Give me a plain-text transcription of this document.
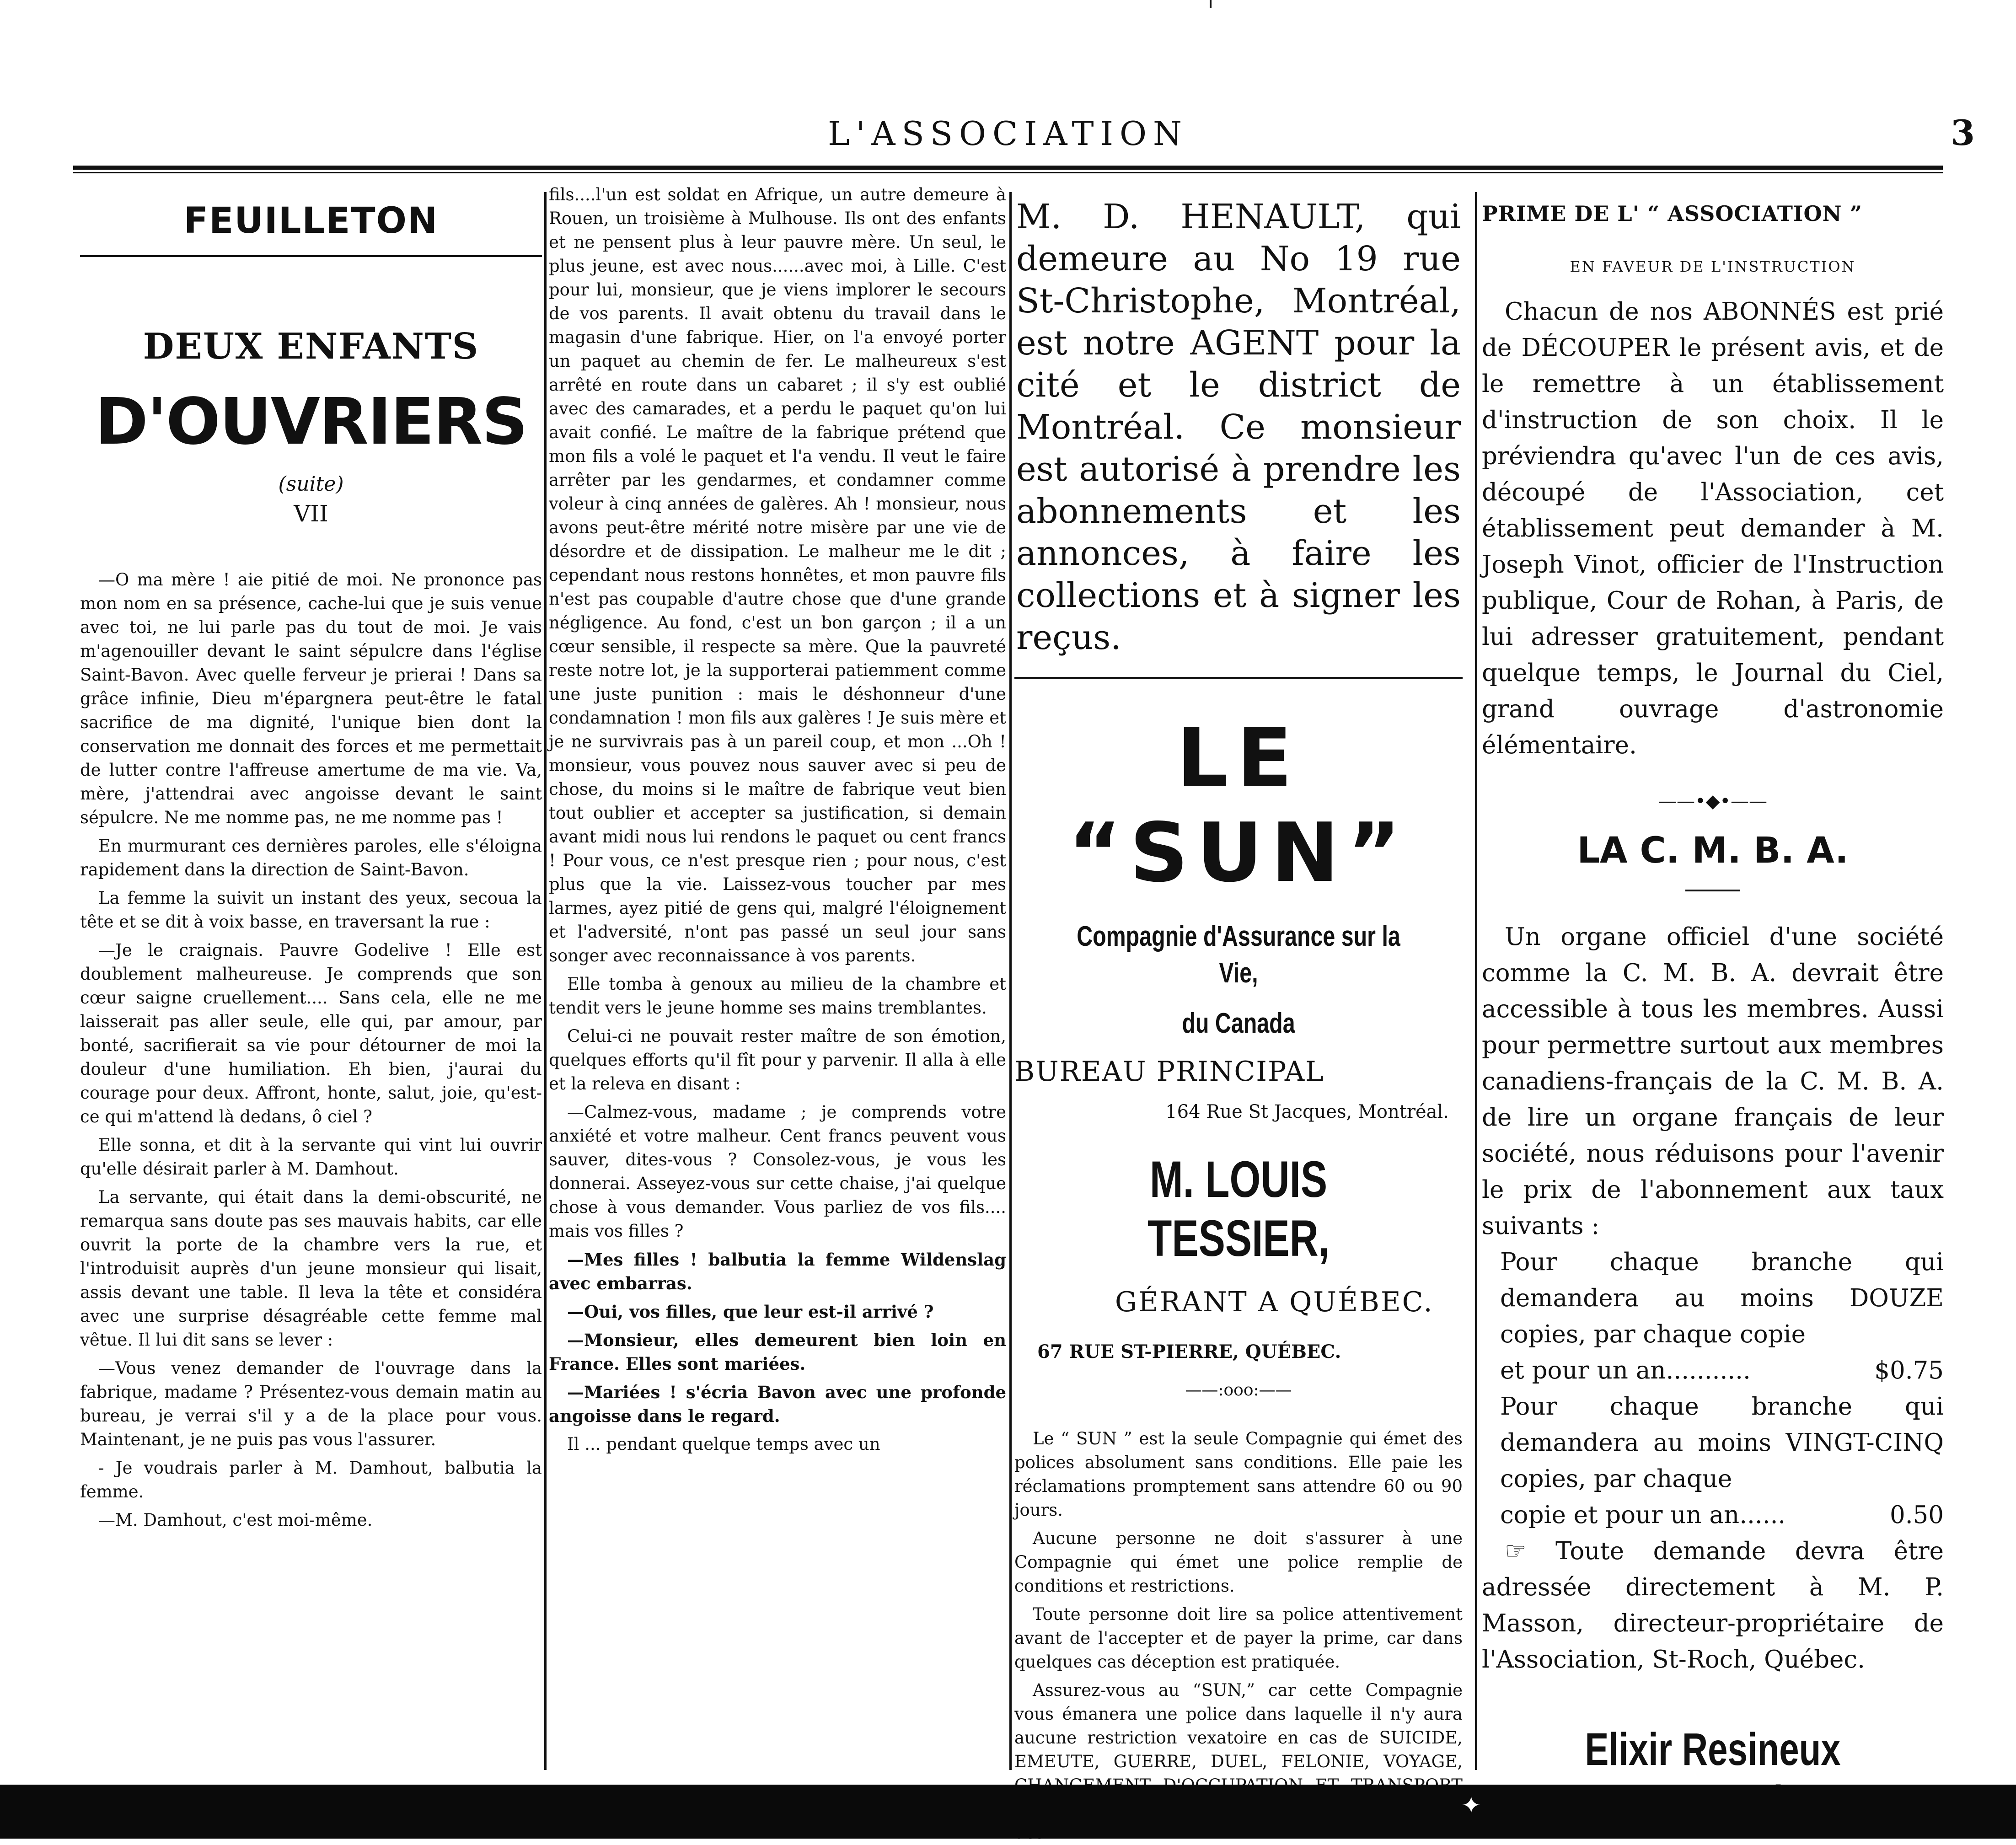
L'ASSOCIATION	3
FEUILLETON
DEUX ENFANTS
D'OUVRIERS
(suite)
VII

—O ma mère ! aie pitié de moi. Ne prononce pas mon nom en sa présence, cache-lui que je suis venue avec toi, ne lui parle pas du tout de moi. Je vais m'agenouiller devant le saint sépulcre dans l'église Saint-Bavon. Avec quelle ferveur je prierai ! Dans sa grâce infinie, Dieu m'épargnera peut-être le fatal sacrifice de ma dignité, l'unique bien dont la conservation me donnait des forces et me permettait de lutter contre l'affreuse amertume de ma vie. Va, mère, j'attendrai avec angoisse devant le saint sépulcre. Ne me nomme pas, ne me nomme pas !

En murmurant ces dernières paroles, elle s'éloigna rapidement dans la direction de Saint-Bavon.

La femme la suivit un instant des yeux, secoua la tête et se dit à voix basse, en traversant la rue :

—Je le craignais. Pauvre Godelive ! Elle est doublement malheureuse. Je comprends que son cœur saigne cruellement.... Sans cela, elle ne me laisserait pas aller seule, elle qui, par amour, par bonté, sacrifierait sa vie pour détourner de moi la douleur d'une humiliation. Eh bien, j'aurai du courage pour deux. Affront, honte, salut, joie, qu'est-ce qui m'attend là dedans, ô ciel ?

Elle sonna, et dit à la servante qui vint lui ouvrir qu'elle désirait parler à M. Damhout.

La servante, qui était dans la demi-obscurité, ne remarqua sans doute pas ses mauvais habits, car elle ouvrit la porte de la chambre vers la rue, et l'introduisit auprès d'un jeune monsieur qui lisait, assis devant une table. Il leva la tête et considéra avec une surprise désagréable cette femme mal vêtue. Il lui dit sans se lever :

—Vous venez demander de l'ouvrage dans la fabrique, madame ? Présentez-vous demain matin au bureau, je verrai s'il y a de la place pour vous. Maintenant, je ne puis pas vous l'assurer.

- Je voudrais parler à M. Damhout, balbutia la femme.

—M. Damhout, c'est moi-même.

fils....l'un est soldat en Afrique, un autre demeure à Rouen, un troisième à Mulhouse. Ils ont des enfants et ne pensent plus à leur pauvre mère. Un seul, le plus jeune, est avec nous......avec moi, à Lille. C'est pour lui, monsieur, que je viens implorer le secours de vos parents. Il avait obtenu du travail dans le magasin d'une fabrique. Hier, on l'a envoyé porter un paquet au chemin de fer. Le malheureux s'est arrêté en route dans un cabaret ; il s'y est oublié avec des camarades, et a perdu le paquet qu'on lui avait confié. Le maître de la fabrique prétend que mon fils a volé le paquet et l'a vendu. Il veut le faire arrêter par les gendarmes, et condamner comme voleur à cinq années de galères. Ah ! monsieur, nous avons peut-être mérité notre misère par une vie de désordre et de dissipation. Le malheur me le dit ; cependant nous restons honnêtes, et mon pauvre fils n'est pas coupable d'autre chose que d'une grande négligence. Au fond, c'est un bon garçon ; il a un cœur sensible, il respecte sa mère. Que la pauvreté reste notre lot, je la supporterai patiemment comme une juste punition : mais le déshonneur d'une condamnation ! mon fils aux galères ! Je suis mère et je ne survivrais pas à un pareil coup, et mon ...Oh ! monsieur, vous pouvez nous sauver avec si peu de chose, du moins si le maître de fabrique veut bien tout oublier et accepter sa justification, si demain avant midi nous lui rendons le paquet ou cent francs ! Pour vous, ce n'est presque rien ; pour nous, c'est plus que la vie. Laissez-vous toucher par mes larmes, ayez pitié de gens qui, malgré l'éloignement et l'adversité, n'ont pas passé un seul jour sans songer avec reconnaissance à vos parents.

Elle tomba à genoux au milieu de la chambre et tendit vers le jeune homme ses mains tremblantes.

Celui-ci ne pouvait rester maître de son émotion, quelques efforts qu'il fît pour y parvenir. Il alla à elle et la releva en disant :

—Calmez-vous, madame ; je comprends votre anxiété et votre malheur. Cent francs peuvent vous sauver, dites-vous ? Consolez-vous, je vous les donnerai. Asseyez-vous sur cette chaise, j'ai quelque chose à vous demander. Vous parliez de vos fils.... mais vos filles ?

—Mes filles ! balbutia la femme Wildenslag avec embarras.

—Oui, vos filles, que leur est-il arrivé ?

—Monsieur, elles demeurent bien loin en France. Elles sont mariées.

—Mariées ! s'écria Bavon avec une profonde angoisse dans le regard.

Il ... pendant quelque temps avec un

M. D. HENAULT, qui demeure au No 19 rue St-Christophe, Montréal, est notre AGENT pour la cité et le district de Montréal. Ce monsieur est autorisé à prendre les abonnements et les annonces, à faire les collections et à signer les reçus.
LE “SUN”
Compagnie d'Assurance sur la Vie,
du Canada
BUREAU PRINCIPAL
164 Rue St Jacques, Montréal.
M. LOUIS TESSIER,
GÉRANT A QUÉBEC.
67 RUE ST-PIERRE, QUÉBEC.
——:ooo:——

Le “ SUN ” est la seule Compagnie qui émet des polices absolument sans conditions. Elle paie les réclamations promptement sans attendre 60 ou 90 jours.

Aucune personne ne doit s'assurer à une Compagnie qui émet une police remplie de conditions et restrictions.

Toute personne doit lire sa police attentivement avant de l'accepter et de payer la prime, car dans quelques cas déception est pratiquée.

Assurez-vous au “SUN,” car cette Compagnie vous émanera une police dans laquelle il n'y aura aucune restriction vexatoire en cas de SUICIDE, EMEUTE, GUERRE, DUEL, FELONIE, VOYAGE,

PRIME DE L' “ ASSOCIATION ”
EN FAVEUR DE L'INSTRUCTION

Chacun de nos ABONNÉS est prié de DÉCOUPER le présent avis, et de le remettre à un établissement d'instruction de son choix. Il le préviendra qu'avec l'un de ces avis, découpé de l'Association, cet établissement peut demander à M. Joseph Vinot, officier de l'Instruction publique, Cour de Rohan, à Paris, de lui adresser gratuitement, pendant quelque temps, le Journal du Ciel, grand ouvrage d'astronomie élémentaire.

——•◆•——
LA C. M. B. A.

Un organe officiel d'une société comme la C. M. B. A. devrait être accessible à tous les membres. Aussi pour permettre surtout aux membres canadiens-français de la C. M. B. A. de lire un organe français de leur société, nous réduisons pour l'avenir le prix de l'abonnement aux taux suivants :

Pour chaque branche qui demandera au moins DOUZE copies, par chaque copie

et pour un an...........	$0.75

Pour chaque branche qui demandera au moins VINGT-CINQ copies, par chaque

copie et pour un an......	0.50

☞ Toute demande devra être adressée directement à M. P. Masson, directeur-propriétaire de l'Association, St-Roch, Québec.

Elixir Resineux
✦
